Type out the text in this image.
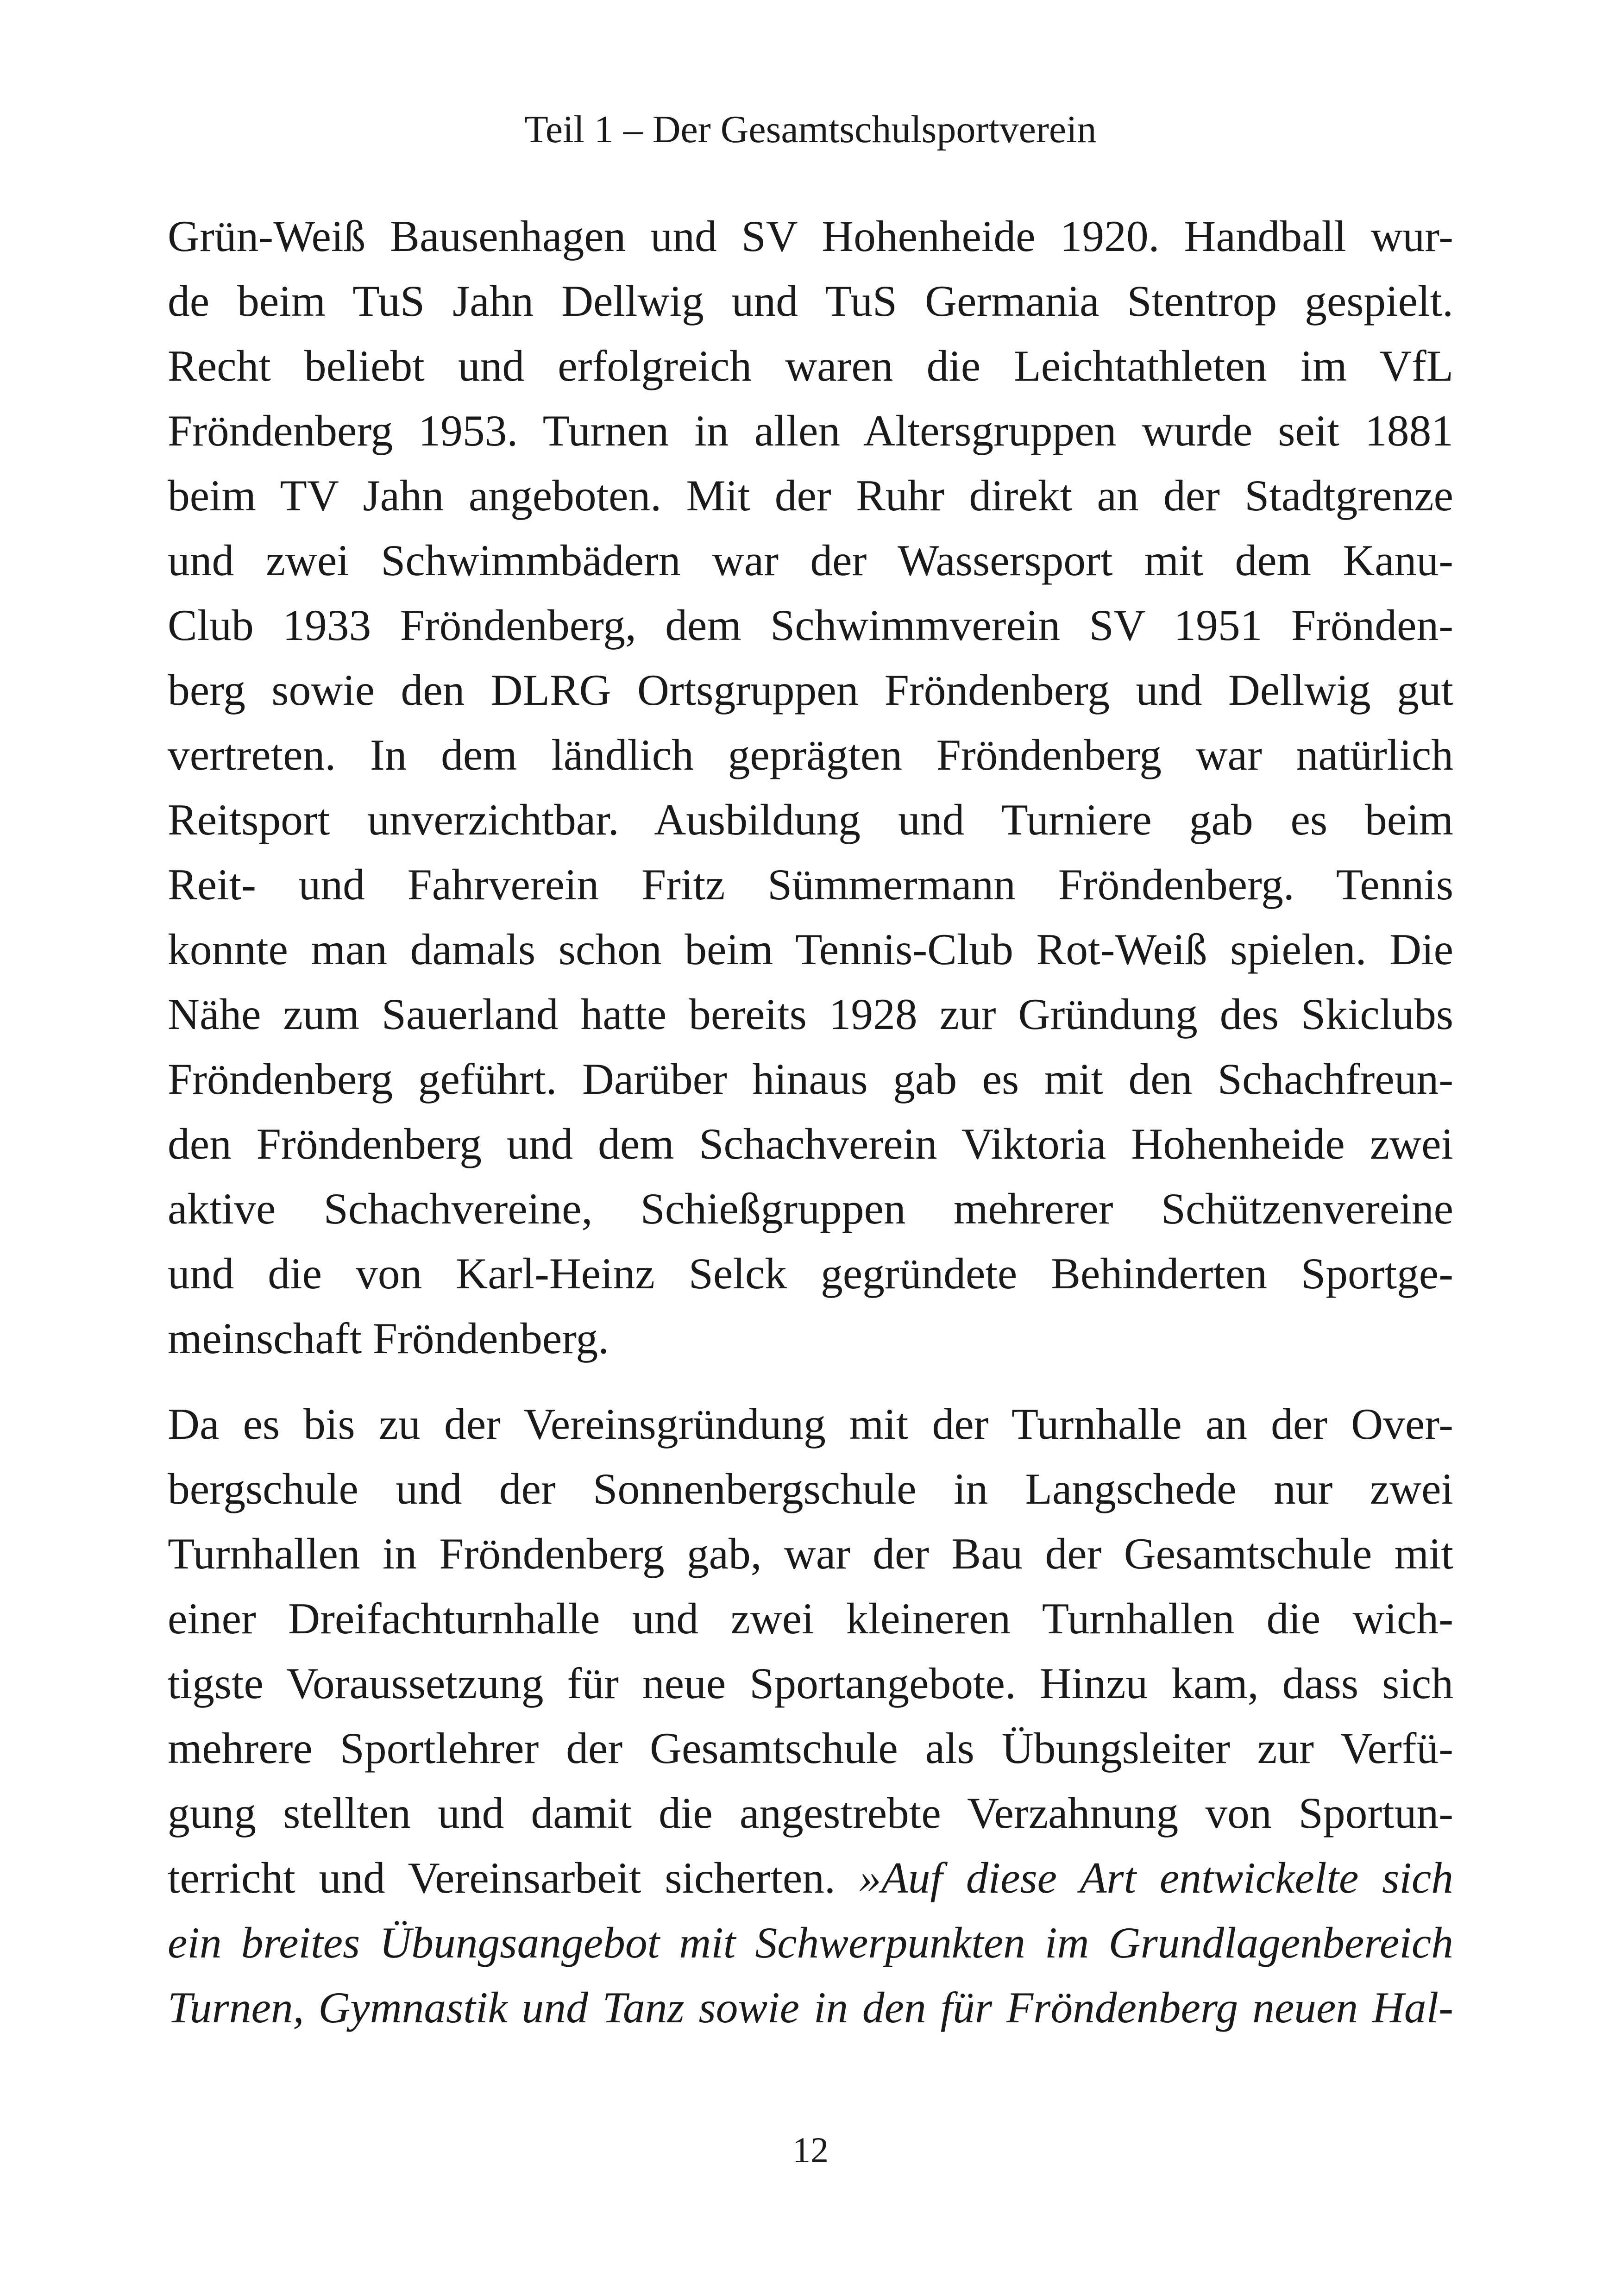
Teil 1 – Der Gesamtschulsportverein
Grün-Weiß Bausenhagen und SV Hohenheide 1920. Handball wur-
de beim TuS Jahn Dellwig und TuS Germania Stentrop gespielt.
Recht beliebt und erfolgreich waren die Leichtathleten im VfL
Fröndenberg 1953. Turnen in allen Altersgruppen wurde seit 1881
beim TV Jahn angeboten. Mit der Ruhr direkt an der Stadtgrenze
und zwei Schwimmbädern war der Wassersport mit dem Kanu-
Club 1933 Fröndenberg, dem Schwimmverein SV 1951 Frönden-
berg sowie den DLRG Ortsgruppen Fröndenberg und Dellwig gut
vertreten. In dem ländlich geprägten Fröndenberg war natürlich
Reitsport unverzichtbar. Ausbildung und Turniere gab es beim
Reit- und Fahrverein Fritz Sümmermann Fröndenberg. Tennis
konnte man damals schon beim Tennis-Club Rot-Weiß spielen. Die
Nähe zum Sauerland hatte bereits 1928 zur Gründung des Skiclubs
Fröndenberg geführt. Darüber hinaus gab es mit den Schachfreun-
den Fröndenberg und dem Schachverein Viktoria Hohenheide zwei
aktive Schachvereine, Schießgruppen mehrerer Schützenvereine
und die von Karl-Heinz Selck gegründete Behinderten Sportge-
meinschaft Fröndenberg.
Da es bis zu der Vereinsgründung mit der Turnhalle an der Over-
bergschule und der Sonnenbergschule in Langschede nur zwei
Turnhallen in Fröndenberg gab, war der Bau der Gesamtschule mit
einer Dreifachturnhalle und zwei kleineren Turnhallen die wich-
tigste Voraussetzung für neue Sportangebote. Hinzu kam, dass sich
mehrere Sportlehrer der Gesamtschule als Übungsleiter zur Verfü-
gung stellten und damit die angestrebte Verzahnung von Sportun-
terricht und Vereinsarbeit sicherten. »Auf diese Art entwickelte sich
ein breites Übungsangebot mit Schwerpunkten im Grundlagenbereich
Turnen, Gymnastik und Tanz sowie in den für Fröndenberg neuen Hal-
12
